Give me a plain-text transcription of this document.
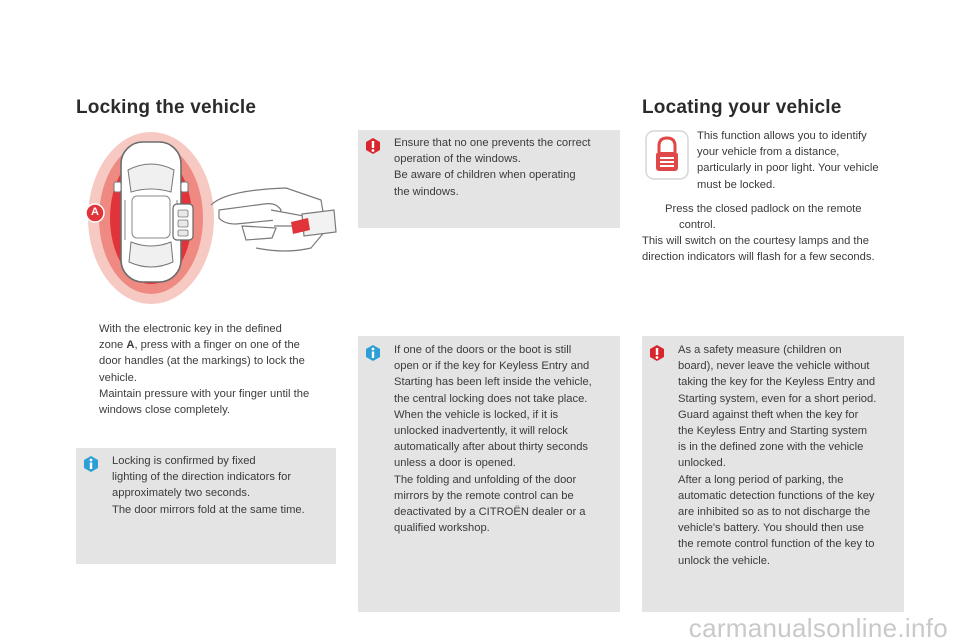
Locking the vehicle
A
With the electronic key in the defined
zone A, press with a finger on one of the
door handles (at the markings) to lock the
vehicle.
Maintain pressure with your finger until the
windows close completely.
Locking is confirmed by fixed
lighting of the direction indicators for
approximately two seconds.
The door mirrors fold at the same time.
Ensure that no one prevents the correct
operation of the windows.
Be aware of children when operating
the windows.
If one of the doors or the boot is still
open or if the key for Keyless Entry and
Starting has been left inside the vehicle,
the central locking does not take place.
When the vehicle is locked, if it is
unlocked inadvertently, it will relock
automatically after about thirty seconds
unless a door is opened.
The folding and unfolding of the door
mirrors by the remote control can be
deactivated by a CITROËN dealer or a
qualified workshop.
Locating your vehicle
This function allows you to identify
your vehicle from a distance,
particularly in poor light. Your vehicle
must be locked.
Press the closed padlock on the remote
control.
This will switch on the courtesy lamps and the
direction indicators will flash for a few seconds.
As a safety measure (children on
board), never leave the vehicle without
taking the key for the Keyless Entry and
Starting system, even for a short period.
Guard against theft when the key for
the Keyless Entry and Starting system
is in the defined zone with the vehicle
unlocked.
After a long period of parking, the
automatic detection functions of the key
are inhibited so as to not discharge the
vehicle's battery. You should then use
the remote control function of the key to
unlock the vehicle.
carmanualsonline.info
